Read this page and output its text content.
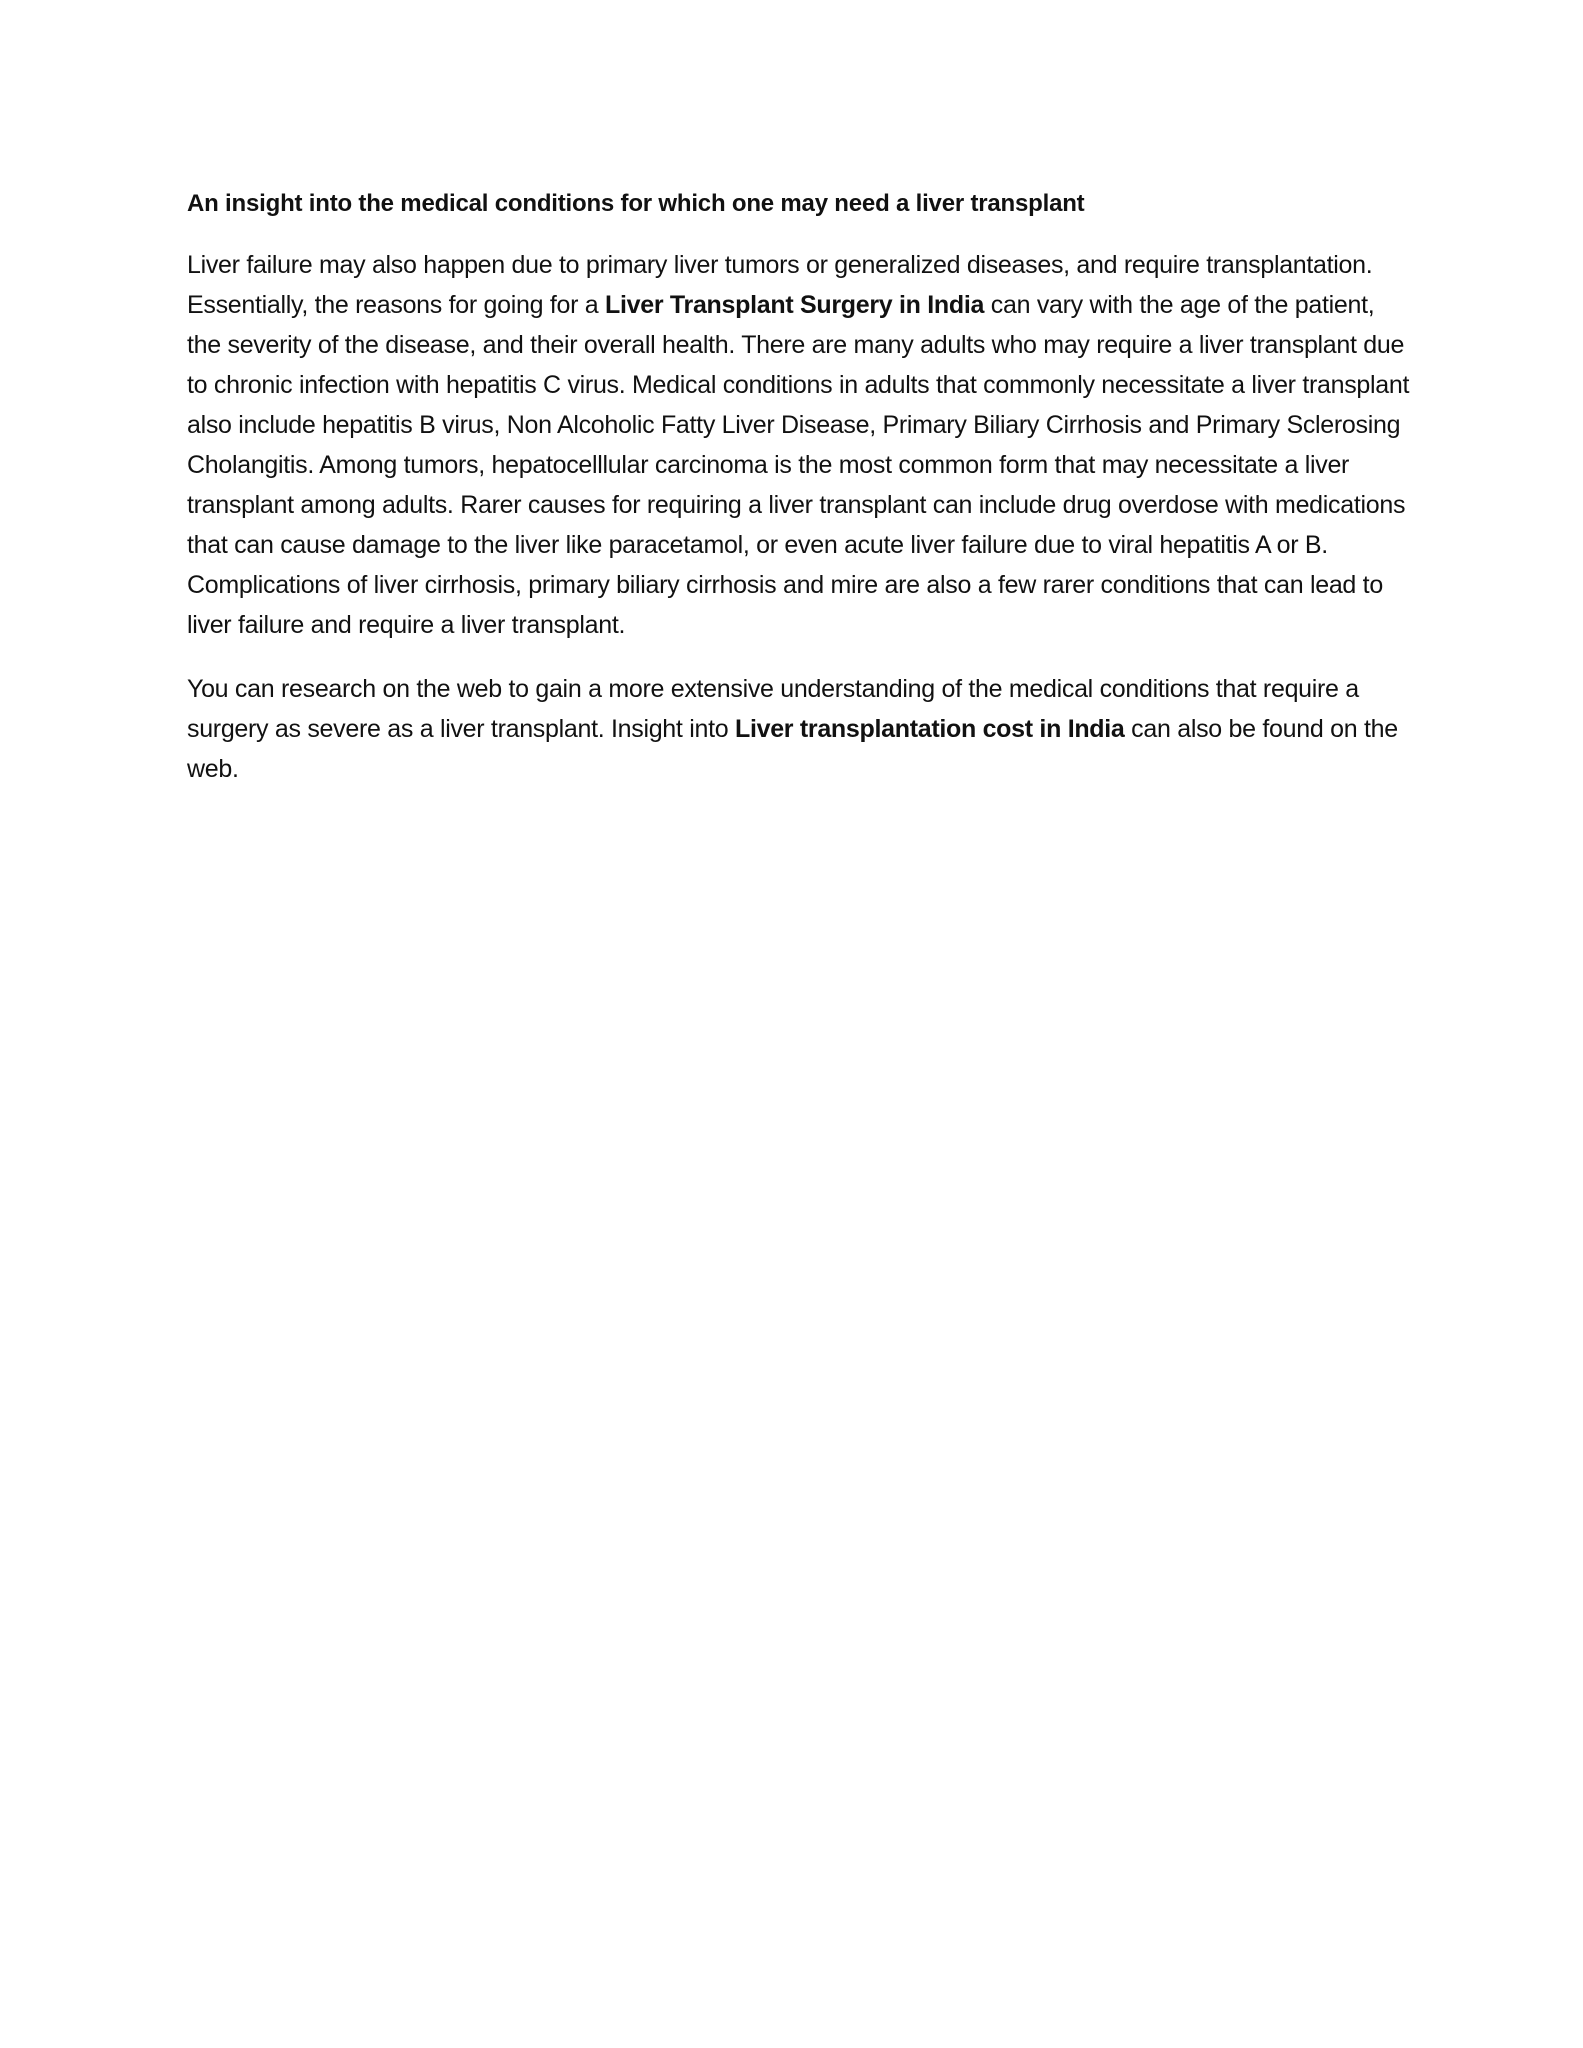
An insight into the medical conditions for which one may need a liver transplant

Liver failure may also happen due to primary liver tumors or generalized diseases, and require transplantation. Essentially, the reasons for going for a Liver Transplant Surgery in India can vary with the age of the patient, the severity of the disease, and their overall health. There are many adults who may require a liver transplant due to chronic infection with hepatitis C virus. Medical conditions in adults that commonly necessitate a liver transplant also include hepatitis B virus, Non Alcoholic Fatty Liver Disease, Primary Biliary Cirrhosis and Primary Sclerosing Cholangitis. Among tumors, hepatocelllular carcinoma is the most common form that may necessitate a liver transplant among adults. Rarer causes for requiring a liver transplant can include drug overdose with medications that can cause damage to the liver like paracetamol, or even acute liver failure due to viral hepatitis A or B. Complications of liver cirrhosis, primary biliary cirrhosis and mire are also a few rarer conditions that can lead to liver failure and require a liver transplant.

You can research on the web to gain a more extensive understanding of the medical conditions that require a surgery as severe as a liver transplant. Insight into Liver transplantation cost in India can also be found on the web.
